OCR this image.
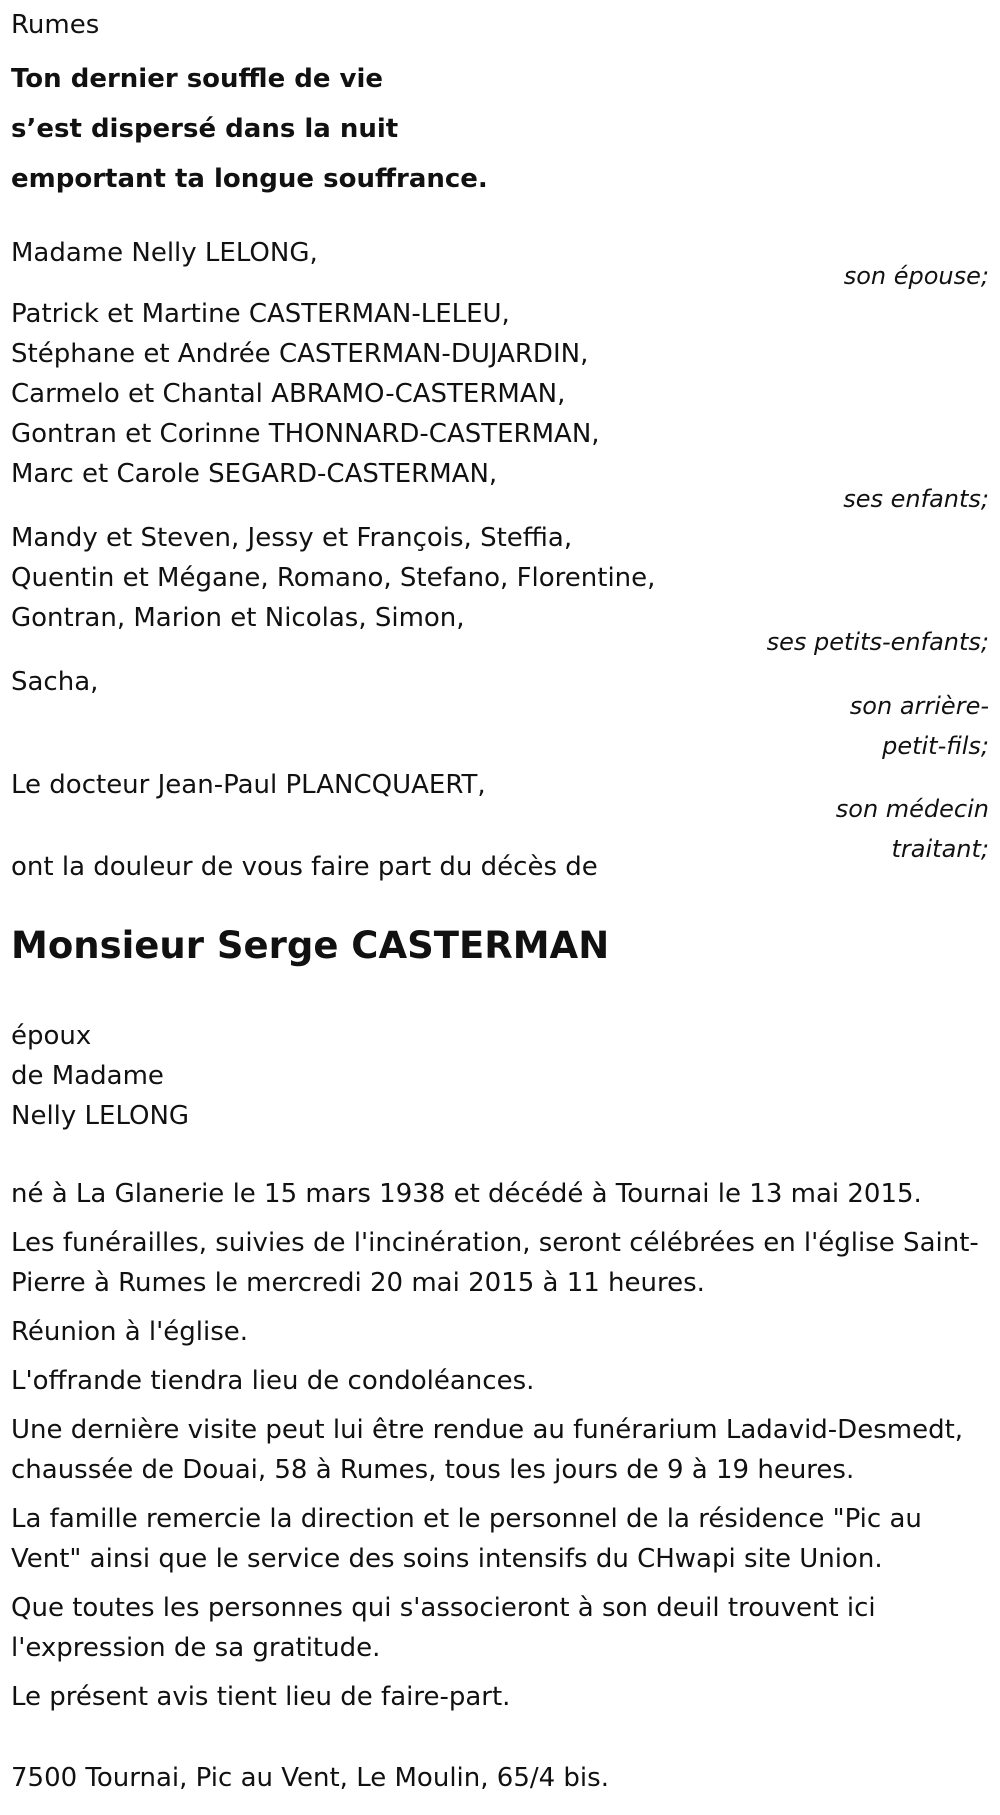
Rumes
Ton dernier souffle de vie
s’est dispersé dans la nuit
emportant ta longue souffrance.
Madame Nelly LELONG,
son épouse;
Patrick et Martine CASTERMAN-LELEU,
Stéphane et Andrée CASTERMAN-DUJARDIN,
Carmelo et Chantal ABRAMO-CASTERMAN,
Gontran et Corinne THONNARD-CASTERMAN,
Marc et Carole SEGARD-CASTERMAN,
ses enfants;
Mandy et Steven, Jessy et François, Steffia,
Quentin et Mégane, Romano, Stefano, Florentine,
Gontran, Marion et Nicolas, Simon,
ses petits-enfants;
Sacha,
son arrière-
petit-fils;
Le docteur Jean-Paul PLANCQUAERT,
son médecin
traitant;
ont la douleur de vous faire part du décès de
Monsieur Serge CASTERMAN
époux
de Madame
Nelly LELONG
né à La Glanerie le 15 mars 1938 et décédé à Tournai le 13 mai 2015.
Les funérailles, suivies de l'incinération, seront célébrées en l'église Saint-Pierre à Rumes le mercredi 20 mai 2015 à 11 heures.
Réunion à l'église.
L'offrande tiendra lieu de condoléances.
Une dernière visite peut lui être rendue au funérarium Ladavid-Desmedt, chaussée de Douai, 58 à Rumes, tous les jours de 9 à 19 heures.
La famille remercie la direction et le personnel de la résidence "Pic au Vent" ainsi que le service des soins intensifs du CHwapi site Union.
Que toutes les personnes qui s'associeront à son deuil trouvent ici l'expression de sa gratitude.
Le présent avis tient lieu de faire-part.
7500 Tournai, Pic au Vent, Le Moulin, 65/4 bis.
